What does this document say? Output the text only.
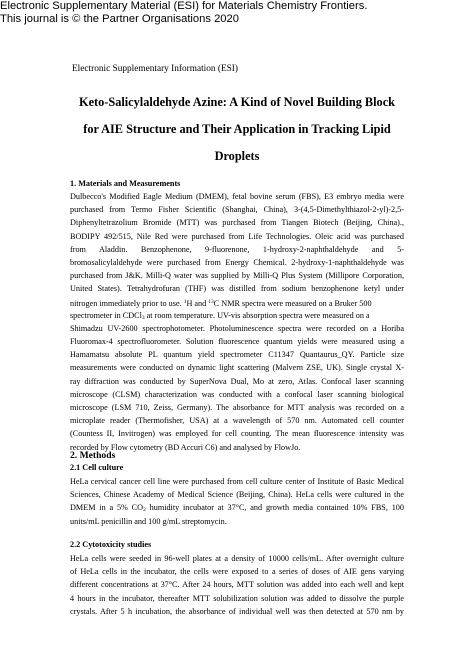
Electronic Supplementary Material (ESI) for Materials Chemistry Frontiers.
This journal is © the Partner Organisations 2020
Electronic Supplementary Information (ESI)
Keto-Salicylaldehyde Azine: A Kind of Novel Building Block
for AIE Structure and Their Application in Tracking Lipid
Droplets
1. Materials and Measurements
Dulbecco's Modified Eagle Medium (DMEM), fetal bovine serum (FBS), E3 embryo media were
purchased from Termo Fisher Scientific (Shanghai, China), 3-(4,5-Dimethylthiazol-2-yl)-2,5-
Diphenyltetrazolium Bromide (MTT) was purchased from Tiangen Biotech (Beijing, China).,
BODIPY 492/515, Nile Red were purchased from Life Technologies. Oleic acid was purchased
from Aladdin. Benzophenone, 9-fluorenone, 1-hydroxy-2-naphthaldehyde and 5-
bromosalicylaldehyde were purchased from Energy Chemical. 2-hydroxy-1-naphthaldehyde was
purchased from J&K. Milli-Q water was supplied by Milli-Q Plus System (Millipore Corporation,
United States). Tetrahydrofuran (THF) was distilled from sodium benzophenone ketyl under
nitrogen immediately prior to use. $^1$H and $^{13}$C NMR spectra were measured on a Bruker 500
spectrometer in CDCl3 at room temperature. UV-vis absorption spectra were measured on a
Shimadzu UV-2600 spectrophotometer. Photoluminescence spectra were recorded on a Horiba
Fluoromax-4 spectrofluorometer. Solution fluorescence quantum yields were measured using a
Hamamatsu absolute PL quantum yield spectrometer C11347 Quantaurus_QY. Particle size
measurements were conducted on dynamic light scattering (Malvern ZSE, UK). Single crystal X-
ray diffraction was conducted by SuperNova Dual, Mo at zero, Atlas. Confocal laser scanning
microscope (CLSM) characterization was conducted with a confocal laser scanning biological
microscope (LSM 710, Zeiss, Germany). The absorbance for MTT analysis was recorded on a
microplate reader (Thermofisher, USA) at a wavelength of 570 nm. Automated cell counter
(Countess II, Invitrogen) was employed for cell counting. The mean fluorescence intensity was
recorded by Flow cytometry (BD Accuri C6) and analysed by FlowJo.
2. Methods
2.1 Cell culture
HeLa cervical cancer cell line were purchased from cell culture center of Institute of Basic Medical
Sciences, Chinese Academy of Medical Science (Beijing, China). HeLa cells were cultured in the
DMEM in a 5% CO2 humidity incubator at 37°C, and growth media contained 10% FBS, 100
units/mL penicillin and 100 g/mL streptomycin.
2.2 Cytotoxicity studies
HeLa cells were seeded in 96-well plates at a density of 10000 cells/mL. After overnight culture
of HeLa cells in the incubator, the cells were exposed to a series of doses of AIE gens varying
different concentrations at 37°C. After 24 hours, MTT solution was added into each well and kept
4 hours in the incubator, thereafter MTT solubilization solution was added to dissolve the purple
crystals. After 5 h incubation, the absorbance of individual well was then detected at 570 nm by
